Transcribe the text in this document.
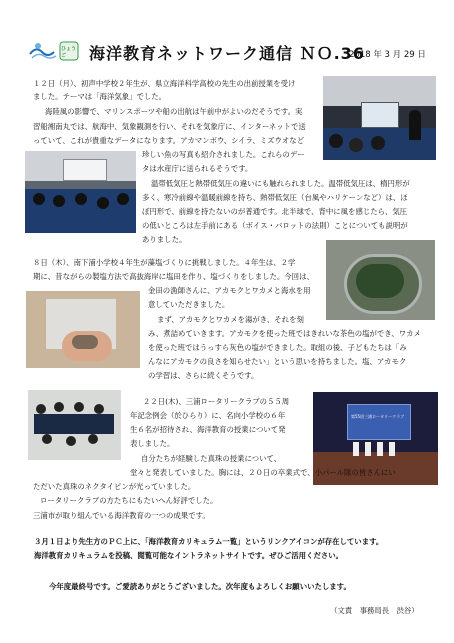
ひょうご	海洋教育ネットワーク通信 ＮＯ.36
2018 年 3 月 29 日
第55回三浦ロータリークラブ
１２日（月）、初声中学校２年生が、県立海洋科学高校の先生の出前授業を受け
ました。テーマは「海洋気象」でした。
海陸風の影響で、マリンスポーツや船の出航は午前中がよいのだそうです。実
習船湘南丸では、航海中、気象観測を行い、それを気象庁に、インターネットで送
っていて、これが貴重なデータになります。アカマンボウ、シイラ、ミズウオなど
珍しい魚の写真も紹介されました。これらのデー
タは水産庁に送られるそうです。
温帯低気圧と熱帯低気圧の違いにも触れられました。温帯低気圧は、楕円形が
多く、寒冷前線や温暖前線を持ち、熱帯低気圧（台風やハリケーンなど）は、ほ
ぼ円形で、前線を持たないのが普通です。北半球で、背中に風を感じたら、気圧
の低いところは左手前にある（ボイス・バロットの法則）ことについても説明が
ありました。
８日（木）、南下浦小学校４年生が藻塩づくりに挑戦しました。４年生は、２学
期に、昔ながらの製塩方法で高抜海岸に塩田を作り、塩づくりをしました。今回は、
金田の漁師さんに、アカモクとワカメと海水を用
意していただきました。
まず、アカモクとワカメを湯がき、それを刻
み、煮詰めていきます。アカモクを使った班ではきれいな茶色の塩ができ、ワカメ
を使った班ではうっすら灰色の塩ができました。取組の後、子どもたちは「み
んなにアカモクの良さを知らせたい」という思いを持ちました。塩、アカモク
の学習は、さらに続くそうです。
２２日(木)、三浦ロータリークラブの５５周
年記念例会（於ひらり）に、名向小学校の６年
生６名が招待され、海洋教育の授業について発
表しました。
自分たちが経験した真珠の授業について、
堂々と発表していました。胸には、２０日の卒業式で、小パール隊の皆さんにい
ただいた真珠のネクタイピンが光っていました。
ロータリークラブの方たちにもたいへん好評でした。
三浦市が取り組んでいる海洋教育の一つの成果です。
３月１日より先生方のＰＣ上に、「海洋教育カリキュラム一覧」というリンクアイコンが存在しています。
海洋教育カリキュラムを投稿、閲覧可能なイントラネットサイトです。ぜひご活用ください。
今年度最終号です。ご愛読ありがとうございました。次年度もよろしくお願いいたします。
（文責　事務局長　渋谷）
